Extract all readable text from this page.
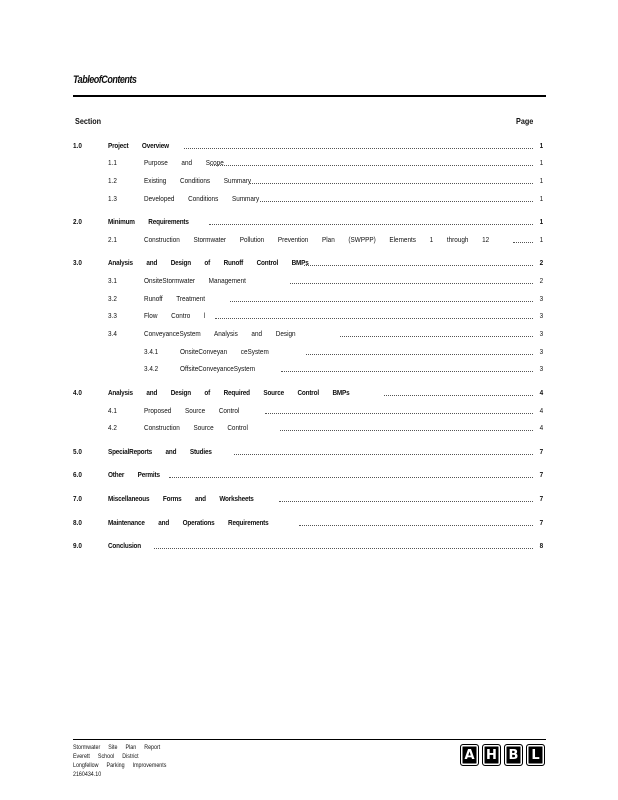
TableofContents
Section	Page
1.0	Project Overview	1
1.1	Purpose and Scope	1
1.2	Existing Conditions Summary	1
1.3	Developed Conditions Summary	1
2.0	Minimum Requirements	1
2.1	Construction Stormwater Pollution Prevention Plan (SWPPP) Elements 1 through 12	1
3.0	Analysis and Design of Runoff Control BMPs	2
3.1	OnsiteStormwater Management	2
3.2	Runoff Treatment	3
3.3	Flow Contro l	3
3.4	ConveyanceSystem Analysis and Design	3
3.4.1	OnsiteConveyan ceSystem	3
3.4.2	OffsiteConveyanceSystem	3
4.0	Analysis and Design of Required Source Control BMPs	4
4.1	Proposed Source Control	4
4.2	Construction Source Control	4
5.0	SpecialReports and Studies	7
6.0	Other Permits	7
7.0	Miscellaneous Forms and Worksheets	7
8.0	Maintenance and Operations Requirements	7
9.0	Conclusion	8
Stormwater Site Plan Report
Everett School District
Longfellow Parking Improvements
2160434.10
A H B L
